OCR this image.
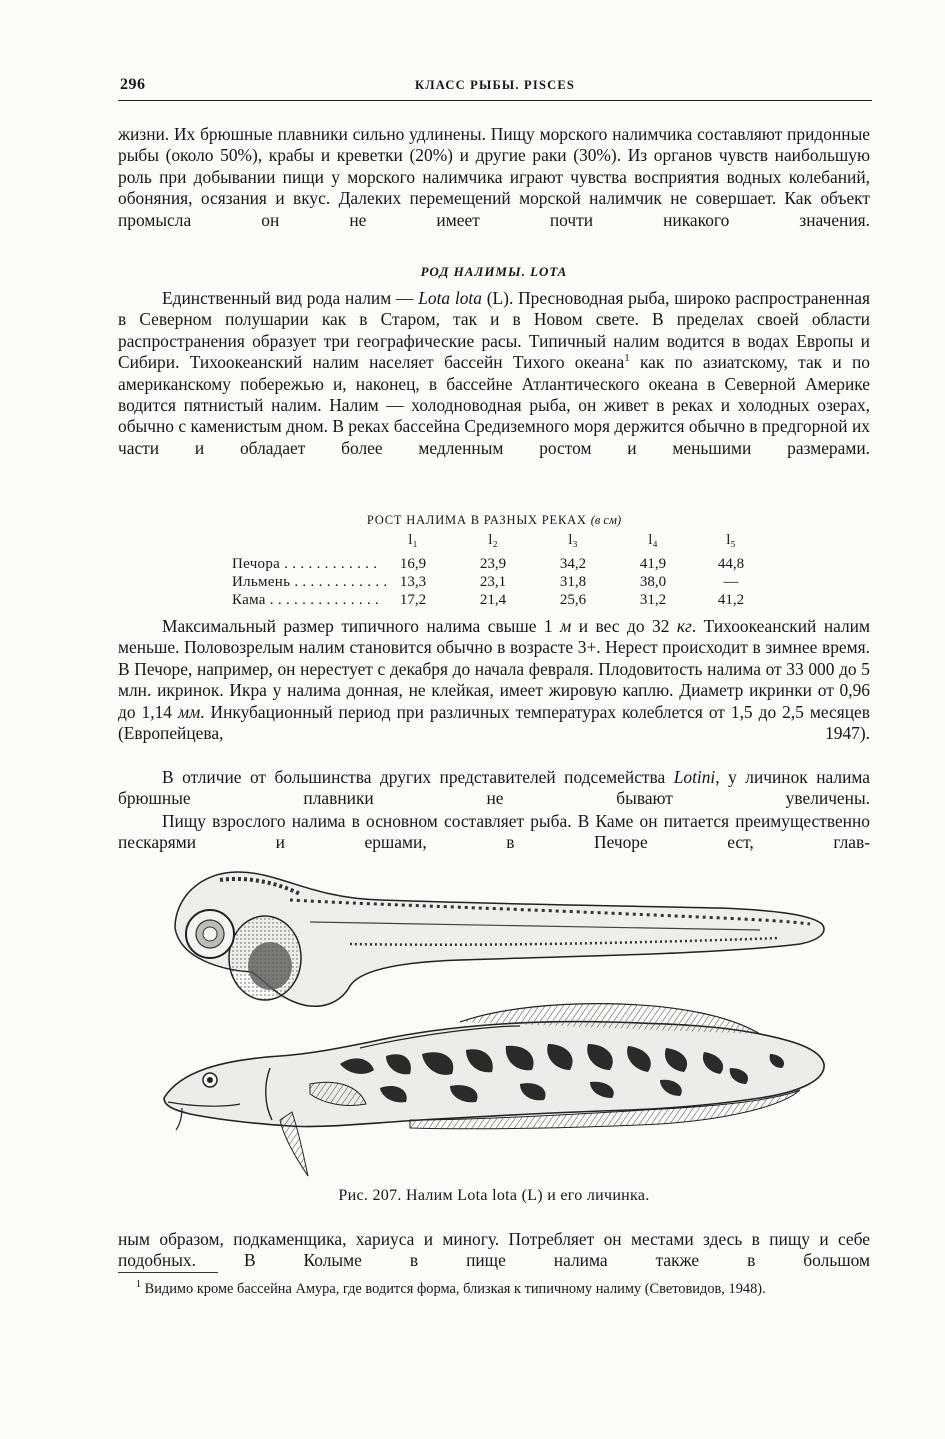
296	КЛАСС РЫБЫ. PISCES

жизни. Их брюшные плавники сильно удлинены. Пищу морского налимчика составляют придонные рыбы (около 50%), крабы и креветки (20%) и другие раки (30%). Из органов чувств наибольшую роль при добывании пищи у морского налимчика играют чувства восприятия водных колебаний, обоняния, осязания и вкус. Далеких перемещений морской налимчик не совершает. Как объект промысла он не имеет почти никакого значения.

РОД НАЛИМЫ. LOTA

Единственный вид рода налим — Lota lota (L). Пресноводная рыба, широко распространенная в Северном полушарии как в Старом, так и в Новом свете. В пределах своей области распространения образует три географические расы. Типичный налим водится в водах Европы и Сибири. Тихоокеанский налим населяет бассейн Тихого океана$^1$ как по азиатскому, так и по американскому побережью и, наконец, в бассейне Атлантического океана в Северной Америке водится пятнистый налим. Налим — холодноводная рыба, он живет в реках и холодных озерах, обычно с каменистым дном. В реках бассейна Средиземного моря держится обычно в предгорной их части и обладает более медленным ростом и меньшими размерами.

РОСТ НАЛИМА В РАЗНЫХ РЕКАХ (в см)
l₁	l₂	l₃	l₄	l₅
Печора . . . . . . . . . . . .	16,9	23,9	34,2	41,9	44,8
Ильмень . . . . . . . . . . . . 13,3	23,1	31,8	38,0	—
Кама . . . . . . . . . . . . . .	17,2	21,4	25,6	31,2	41,2

Максимальный размер типичного налима свыше 1 м и вес до 32 кг. Тихоокеанский налим меньше. Половозрелым налим становится обычно в возрасте 3+. Нерест происходит в зимнее время. В Печоре, например, он нерестует с декабря до начала февраля. Плодовитость налима от 33 000 до 5 млн. икринок. Икра у налима донная, не клейкая, имеет жировую каплю. Диаметр икринки от 0,96 до 1,14 мм. Инкубационный период при различных температурах колеблется от 1,5 до 2,5 месяцев (Европейцева, 1947).

В отличие от большинства других представителей подсемейства Lotini, у личинок налима брюшные плавники не бывают увеличены.

Пищу взрослого налима в основном составляет рыба. В Каме он питается преимущественно пескарями и ершами, в Печоре ест, глав-

Рис. 207. Налим Lota lota (L) и его личинка.

ным образом, подкаменщика, хариуса и миногу. Потребляет он местами здесь в пищу и себе подобных. В Колыме в пище налима также в большом

$^1$ Видимо кроме бассейна Амура, где водится форма, близкая к типичному налиму (Световидов, 1948).
